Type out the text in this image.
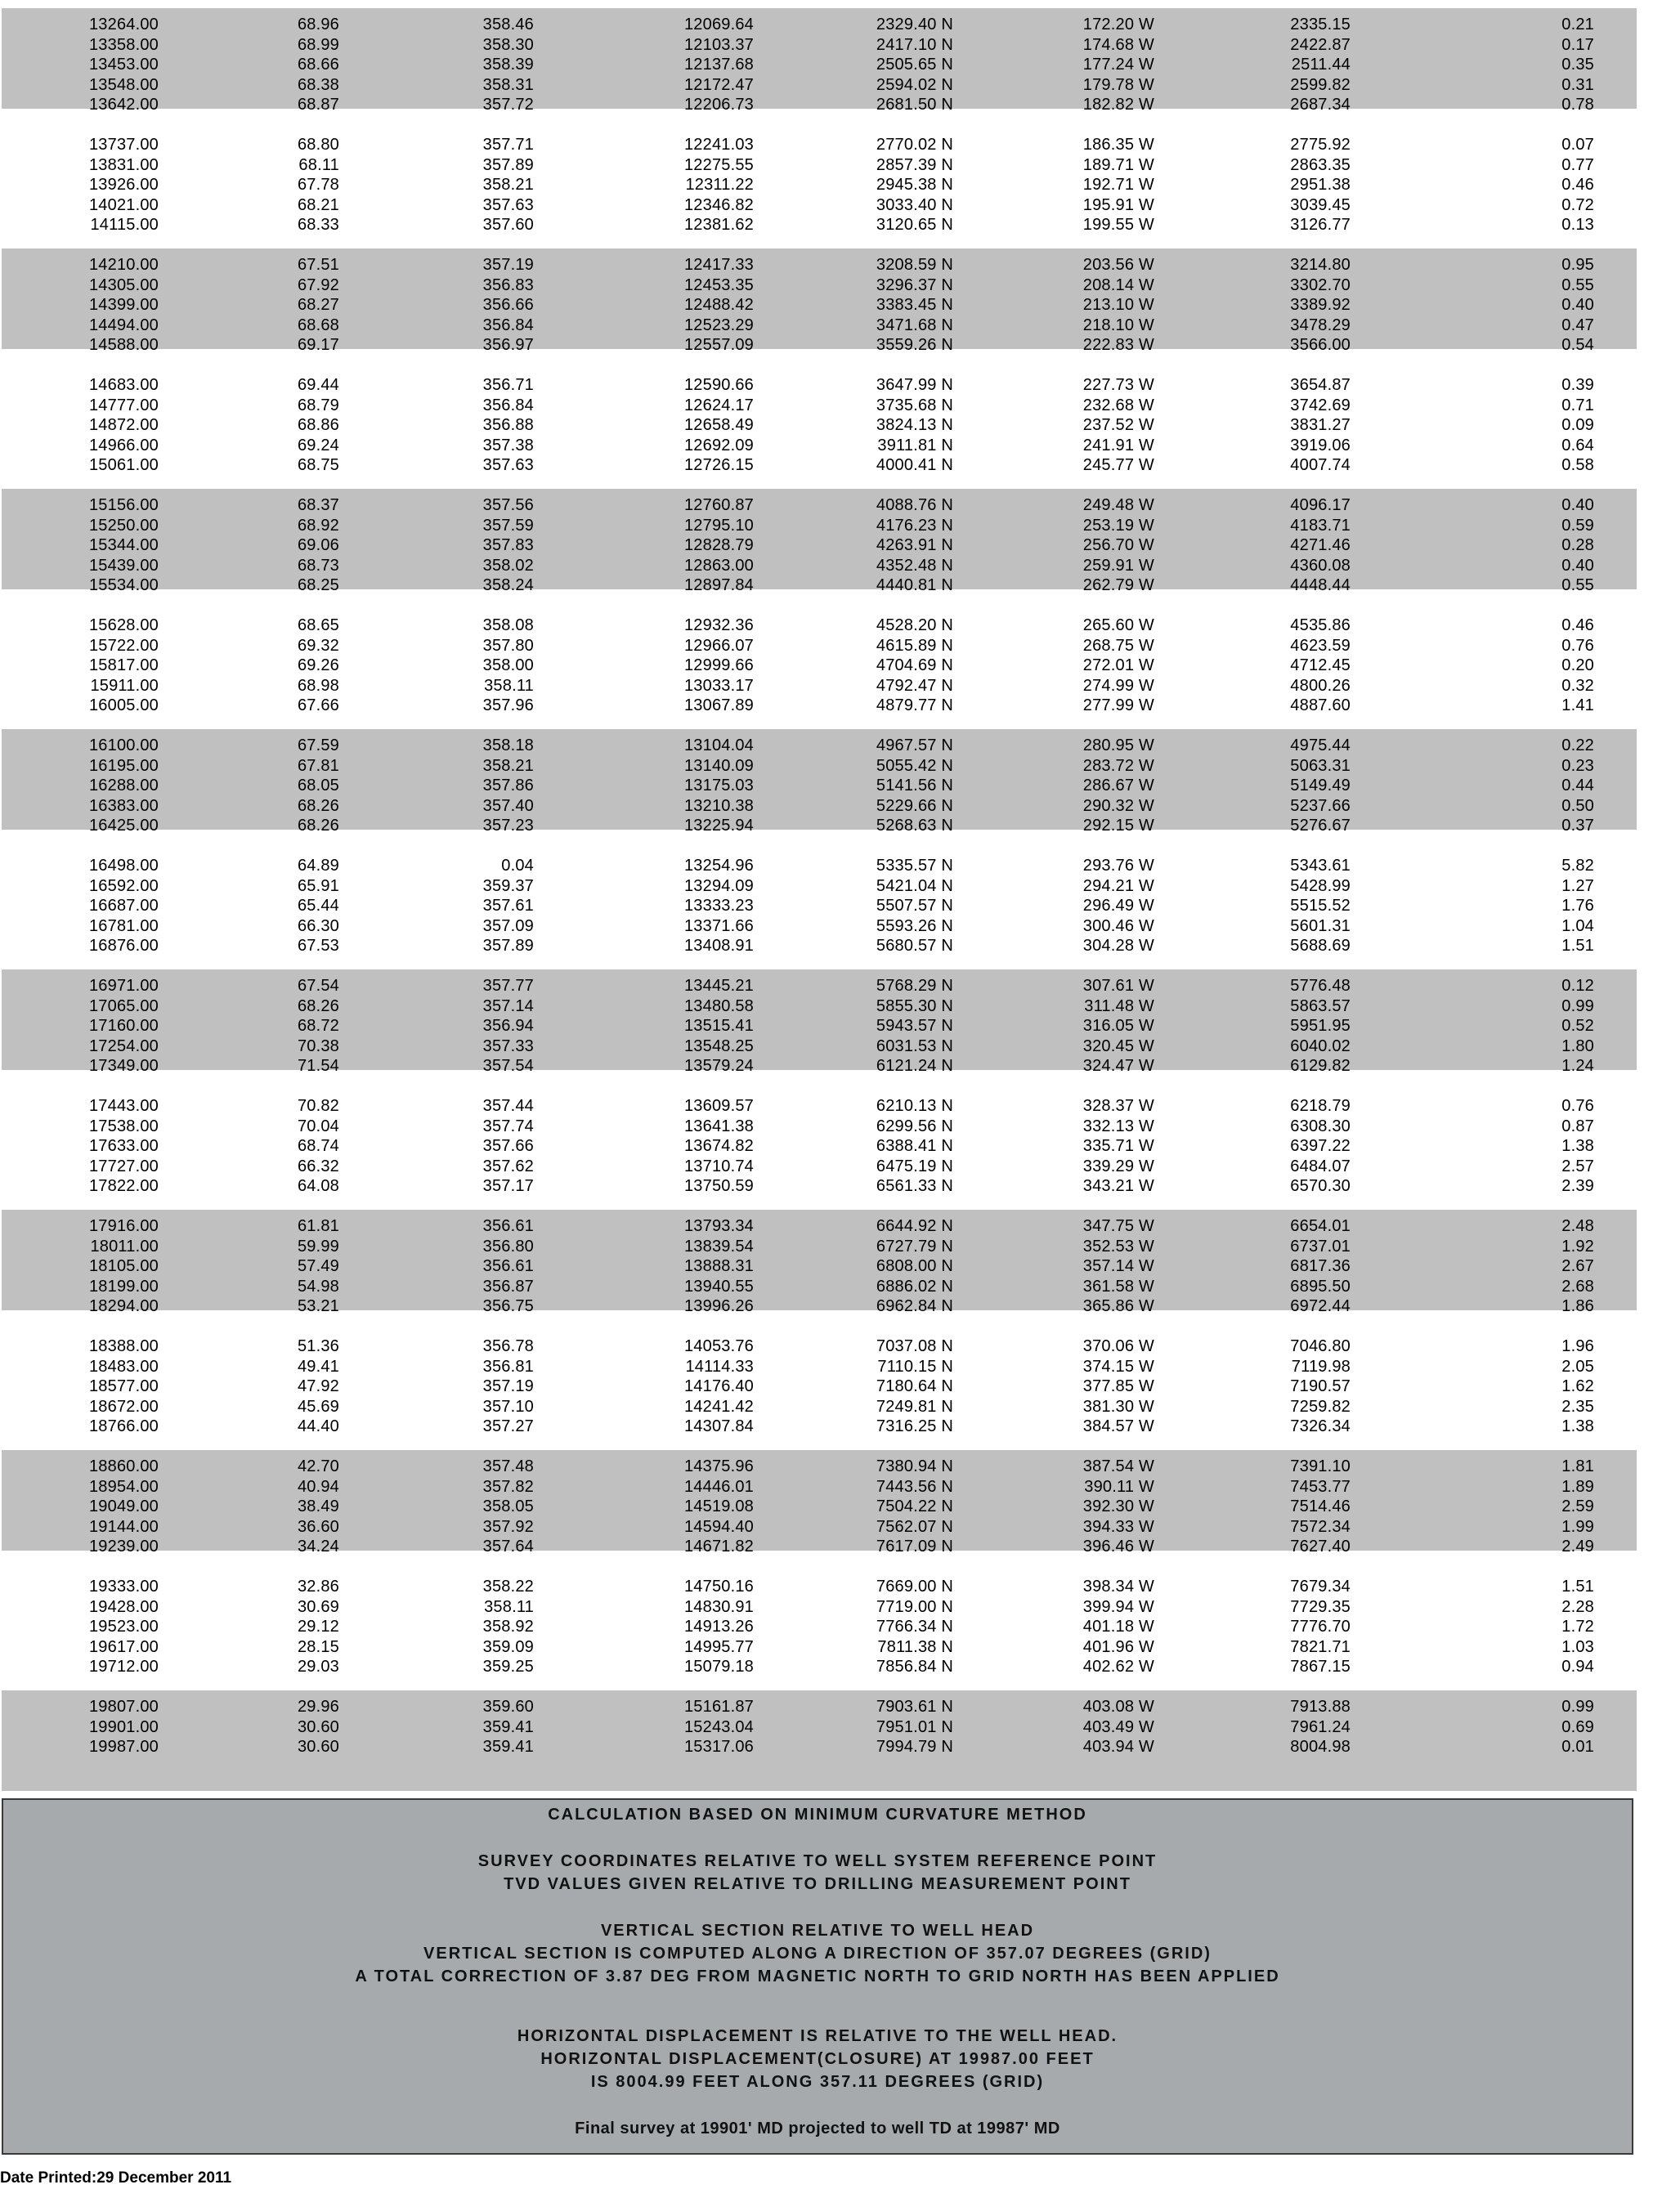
13264.00	68.96	358.46	12069.64	2329.40 N	172.20 W	2335.15	0.21
13358.00	68.99	358.30	12103.37	2417.10 N	174.68 W	2422.87	0.17
13453.00	68.66	358.39	12137.68	2505.65 N	177.24 W	2511.44	0.35
13548.00	68.38	358.31	12172.47	2594.02 N	179.78 W	2599.82	0.31
13642.00	68.87	357.72	12206.73	2681.50 N	182.82 W	2687.34	0.78
13737.00	68.80	357.71	12241.03	2770.02 N	186.35 W	2775.92	0.07
13831.00	68.11	357.89	12275.55	2857.39 N	189.71 W	2863.35	0.77
13926.00	67.78	358.21	12311.22	2945.38 N	192.71 W	2951.38	0.46
14021.00	68.21	357.63	12346.82	3033.40 N	195.91 W	3039.45	0.72
14115.00	68.33	357.60	12381.62	3120.65 N	199.55 W	3126.77	0.13
14210.00	67.51	357.19	12417.33	3208.59 N	203.56 W	3214.80	0.95
14305.00	67.92	356.83	12453.35	3296.37 N	208.14 W	3302.70	0.55
14399.00	68.27	356.66	12488.42	3383.45 N	213.10 W	3389.92	0.40
14494.00	68.68	356.84	12523.29	3471.68 N	218.10 W	3478.29	0.47
14588.00	69.17	356.97	12557.09	3559.26 N	222.83 W	3566.00	0.54
14683.00	69.44	356.71	12590.66	3647.99 N	227.73 W	3654.87	0.39
14777.00	68.79	356.84	12624.17	3735.68 N	232.68 W	3742.69	0.71
14872.00	68.86	356.88	12658.49	3824.13 N	237.52 W	3831.27	0.09
14966.00	69.24	357.38	12692.09	3911.81 N	241.91 W	3919.06	0.64
15061.00	68.75	357.63	12726.15	4000.41 N	245.77 W	4007.74	0.58
15156.00	68.37	357.56	12760.87	4088.76 N	249.48 W	4096.17	0.40
15250.00	68.92	357.59	12795.10	4176.23 N	253.19 W	4183.71	0.59
15344.00	69.06	357.83	12828.79	4263.91 N	256.70 W	4271.46	0.28
15439.00	68.73	358.02	12863.00	4352.48 N	259.91 W	4360.08	0.40
15534.00	68.25	358.24	12897.84	4440.81 N	262.79 W	4448.44	0.55
15628.00	68.65	358.08	12932.36	4528.20 N	265.60 W	4535.86	0.46
15722.00	69.32	357.80	12966.07	4615.89 N	268.75 W	4623.59	0.76
15817.00	69.26	358.00	12999.66	4704.69 N	272.01 W	4712.45	0.20
15911.00	68.98	358.11	13033.17	4792.47 N	274.99 W	4800.26	0.32
16005.00	67.66	357.96	13067.89	4879.77 N	277.99 W	4887.60	1.41
16100.00	67.59	358.18	13104.04	4967.57 N	280.95 W	4975.44	0.22
16195.00	67.81	358.21	13140.09	5055.42 N	283.72 W	5063.31	0.23
16288.00	68.05	357.86	13175.03	5141.56 N	286.67 W	5149.49	0.44
16383.00	68.26	357.40	13210.38	5229.66 N	290.32 W	5237.66	0.50
16425.00	68.26	357.23	13225.94	5268.63 N	292.15 W	5276.67	0.37
16498.00	64.89	0.04	13254.96	5335.57 N	293.76 W	5343.61	5.82
16592.00	65.91	359.37	13294.09	5421.04 N	294.21 W	5428.99	1.27
16687.00	65.44	357.61	13333.23	5507.57 N	296.49 W	5515.52	1.76
16781.00	66.30	357.09	13371.66	5593.26 N	300.46 W	5601.31	1.04
16876.00	67.53	357.89	13408.91	5680.57 N	304.28 W	5688.69	1.51
16971.00	67.54	357.77	13445.21	5768.29 N	307.61 W	5776.48	0.12
17065.00	68.26	357.14	13480.58	5855.30 N	311.48 W	5863.57	0.99
17160.00	68.72	356.94	13515.41	5943.57 N	316.05 W	5951.95	0.52
17254.00	70.38	357.33	13548.25	6031.53 N	320.45 W	6040.02	1.80
17349.00	71.54	357.54	13579.24	6121.24 N	324.47 W	6129.82	1.24
17443.00	70.82	357.44	13609.57	6210.13 N	328.37 W	6218.79	0.76
17538.00	70.04	357.74	13641.38	6299.56 N	332.13 W	6308.30	0.87
17633.00	68.74	357.66	13674.82	6388.41 N	335.71 W	6397.22	1.38
17727.00	66.32	357.62	13710.74	6475.19 N	339.29 W	6484.07	2.57
17822.00	64.08	357.17	13750.59	6561.33 N	343.21 W	6570.30	2.39
17916.00	61.81	356.61	13793.34	6644.92 N	347.75 W	6654.01	2.48
18011.00	59.99	356.80	13839.54	6727.79 N	352.53 W	6737.01	1.92
18105.00	57.49	356.61	13888.31	6808.00 N	357.14 W	6817.36	2.67
18199.00	54.98	356.87	13940.55	6886.02 N	361.58 W	6895.50	2.68
18294.00	53.21	356.75	13996.26	6962.84 N	365.86 W	6972.44	1.86
18388.00	51.36	356.78	14053.76	7037.08 N	370.06 W	7046.80	1.96
18483.00	49.41	356.81	14114.33	7110.15 N	374.15 W	7119.98	2.05
18577.00	47.92	357.19	14176.40	7180.64 N	377.85 W	7190.57	1.62
18672.00	45.69	357.10	14241.42	7249.81 N	381.30 W	7259.82	2.35
18766.00	44.40	357.27	14307.84	7316.25 N	384.57 W	7326.34	1.38
18860.00	42.70	357.48	14375.96	7380.94 N	387.54 W	7391.10	1.81
18954.00	40.94	357.82	14446.01	7443.56 N	390.11 W	7453.77	1.89
19049.00	38.49	358.05	14519.08	7504.22 N	392.30 W	7514.46	2.59
19144.00	36.60	357.92	14594.40	7562.07 N	394.33 W	7572.34	1.99
19239.00	34.24	357.64	14671.82	7617.09 N	396.46 W	7627.40	2.49
19333.00	32.86	358.22	14750.16	7669.00 N	398.34 W	7679.34	1.51
19428.00	30.69	358.11	14830.91	7719.00 N	399.94 W	7729.35	2.28
19523.00	29.12	358.92	14913.26	7766.34 N	401.18 W	7776.70	1.72
19617.00	28.15	359.09	14995.77	7811.38 N	401.96 W	7821.71	1.03
19712.00	29.03	359.25	15079.18	7856.84 N	402.62 W	7867.15	0.94
19807.00	29.96	359.60	15161.87	7903.61 N	403.08 W	7913.88	0.99
19901.00	30.60	359.41	15243.04	7951.01 N	403.49 W	7961.24	0.69
19987.00	30.60	359.41	15317.06	7994.79 N	403.94 W	8004.98	0.01
CALCULATION BASED ON MINIMUM CURVATURE METHOD
SURVEY COORDINATES RELATIVE TO WELL SYSTEM REFERENCE POINT
TVD VALUES GIVEN RELATIVE TO DRILLING MEASUREMENT POINT
VERTICAL SECTION RELATIVE TO WELL HEAD
VERTICAL SECTION IS COMPUTED ALONG A DIRECTION OF 357.07 DEGREES (GRID)
A TOTAL CORRECTION OF 3.87 DEG FROM MAGNETIC NORTH TO GRID NORTH HAS BEEN APPLIED
HORIZONTAL DISPLACEMENT IS RELATIVE TO THE WELL HEAD.
HORIZONTAL DISPLACEMENT(CLOSURE) AT 19987.00 FEET
IS 8004.99 FEET ALONG 357.11 DEGREES (GRID)
Final survey at 19901' MD projected to well TD at 19987' MD
Date Printed:29 December 2011
